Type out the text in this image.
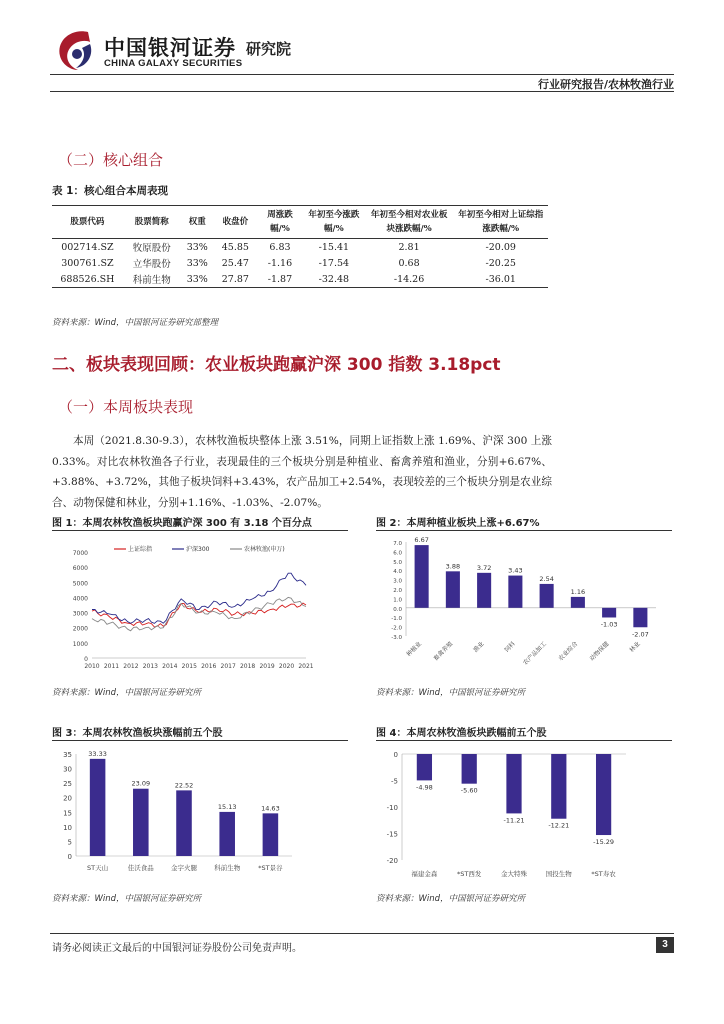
中国银河证券
CHINA GALAXY SECURITIES
研究院
行业研究报告/农林牧渔行业
（二）核心组合
表 1：核心组合本周表现
股票代码	股票简称	权重	收盘价	周涨跌幅/%	年初至今涨跌幅/%	年初至今相对农业板块涨跌幅/%	年初至今相对上证综指涨跌幅/%
002714.SZ	牧原股份	33%	45.85	6.83	-15.41	2.81	-20.09
300761.SZ	立华股份	33%	25.47	-1.16	-17.54	0.68	-20.25
688526.SH	科前生物	33%	27.87	-1.87	-32.48	-14.26	-36.01
资料来源：Wind，中国银河证券研究部整理
二、板块表现回顾：农业板块跑赢沪深 300 指数 3.18pct
（一）本周板块表现
本周（2021.8.30-9.3），农林牧渔板块整体上涨 3.51%，同期上证指数上涨 1.69%、沪深 300 上涨 0.33%。对比农林牧渔各子行业，表现最佳的三个板块分别是种植业、畜禽养殖和渔业，分别+6.67%、+3.88%、+3.72%，其他子板块饲料+3.43%，农产品加工+2.54%，表现较差的三个板块分别是农业综合、动物保健和林业，分别+1.16%、-1.03%、-2.07%。
图 1：本周农林牧渔板块跑赢沪深 300 有 3.18 个百分点	图 2：本周种植业板块上涨+6.67%
0
1000
2000
3000
4000
5000
6000
7000
2010 2011 2012 2013 2014 2015 2016 2017 2018 2019 2020 2021
上证综指	沪深300	农林牧渔(申万)
7.0
6.0
5.0
4.0
3.0
2.0
1.0
0.0
-1.0
-2.0
-3.0
6.67
种植业
3.88
畜禽养殖
3.72
渔业
3.43
饲料
2.54
农产品加工
1.16
农业综合
-1.03
动物保健
-2.07
林业
资料来源：Wind，中国银河证券研究所	资料来源：Wind，中国银河证券研究所
图 3：本周农林牧渔板块涨幅前五个股	图 4：本周农林牧渔板块跌幅前五个股
35
30
25
20
15
10
5
0
33.33
ST天山
23.09
佳沃食品
22.52
金字火腿
15.13
科前生物
14.63
*ST景谷
0
-5
-10
-15
-20
-4.98
福建金森
-5.60
*ST西发
-11.21
金大特殊
-12.21
国投生物
-15.29
*ST寿农
资料来源：Wind，中国银河证券研究所	资料来源：Wind，中国银河证券研究所
请务必阅读正文最后的中国银河证券股份公司免责声明。	3
